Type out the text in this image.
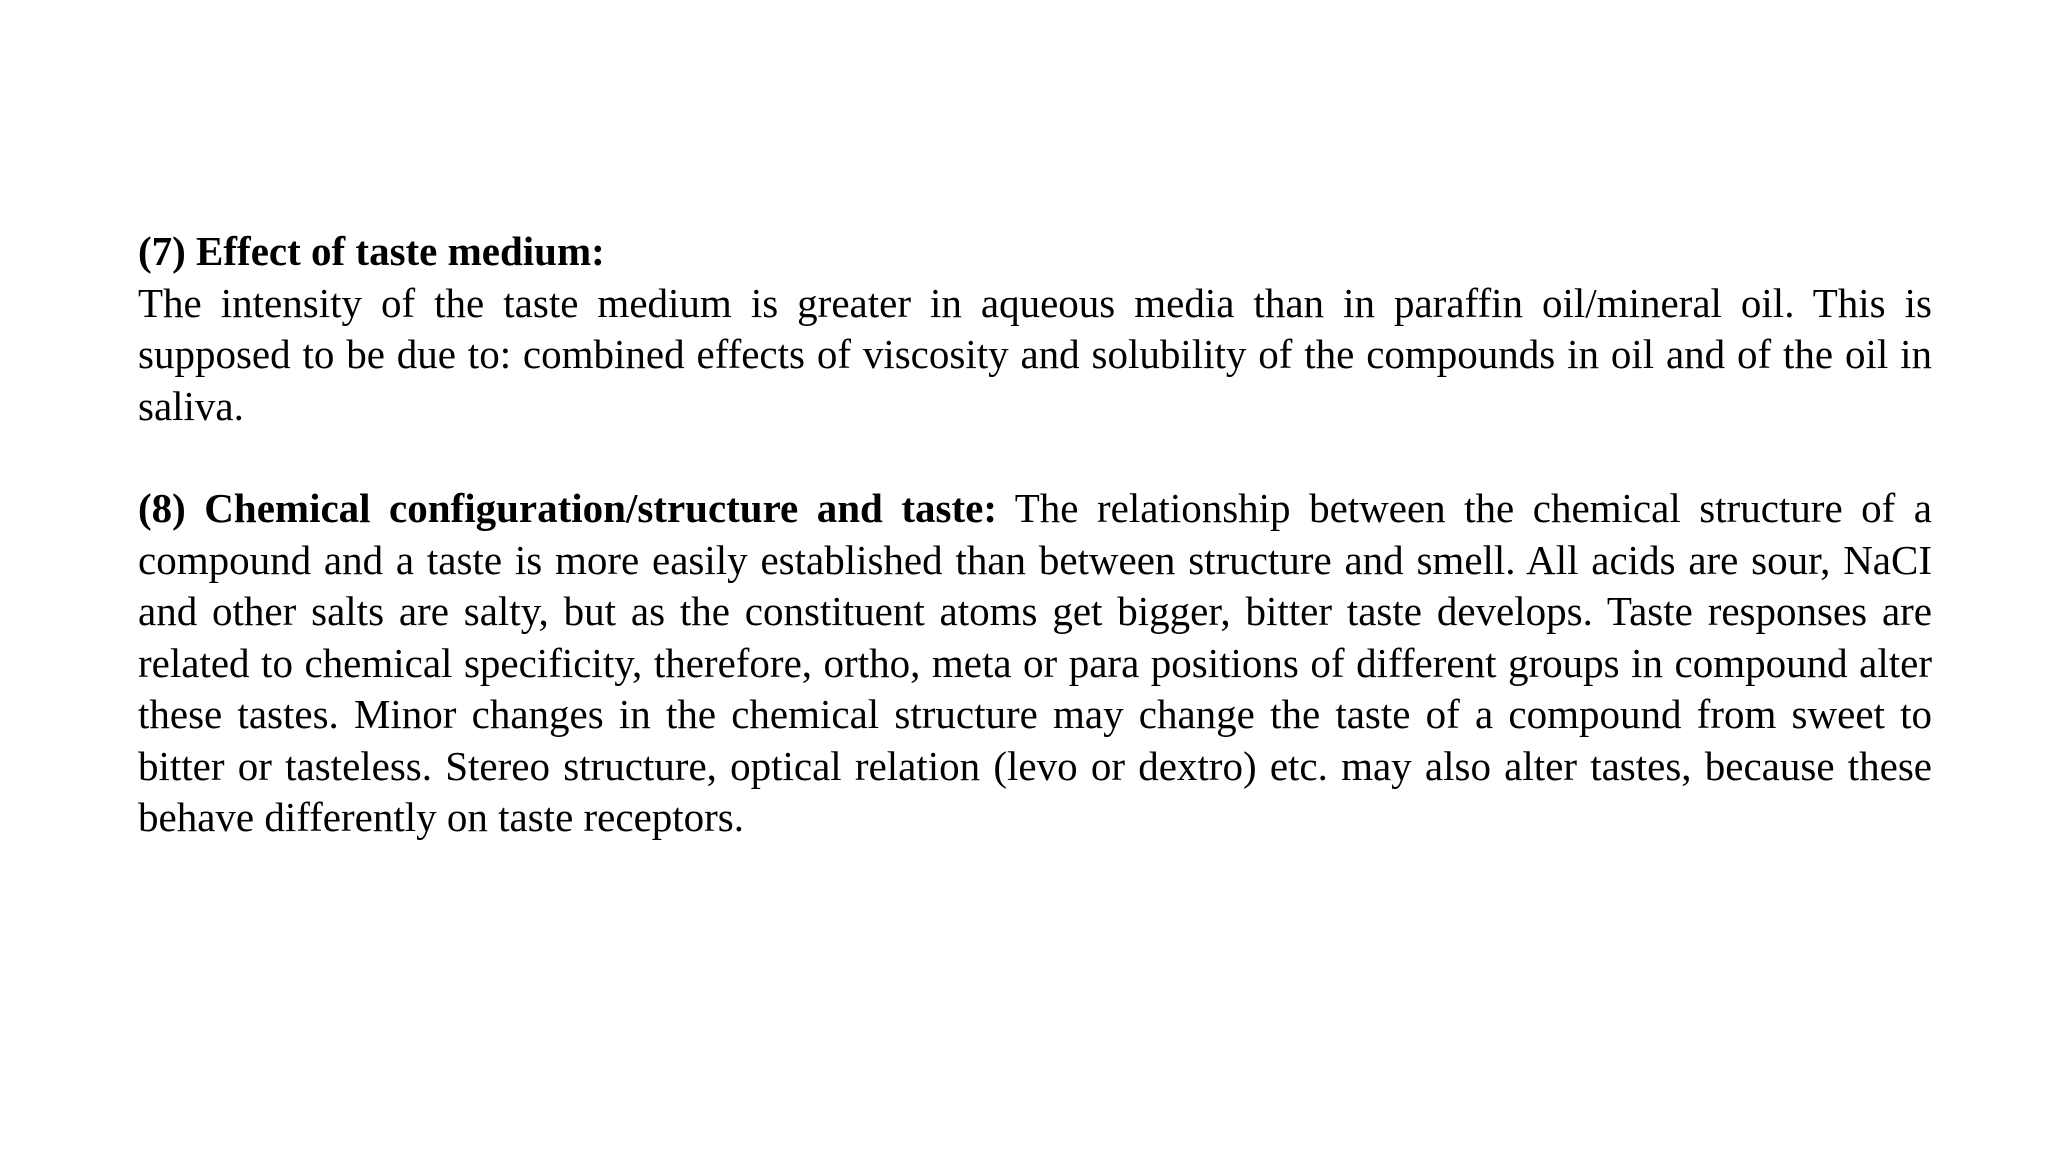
(7) Effect of taste medium:
The intensity of the taste medium is greater in aqueous media than in paraffin oil/mineral oil. This is supposed to be due to: combined effects of viscosity and solubility of the compounds in oil and of the oil in saliva.
(8) Chemical configuration/structure and taste: The relationship between the chemical structure of a compound and a taste is more easily established than between structure and smell. All acids are sour, NaCI and other salts are salty, but as the constituent atoms get bigger, bitter taste develops. Taste responses are related to chemical specificity, therefore, ortho, meta or para positions of different groups in compound alter these tastes. Minor changes in the chemical structure may change the taste of a compound from sweet to bitter or tasteless. Stereo structure, optical relation (levo or dextro) etc. may also alter tastes, because these behave differently on taste receptors.
